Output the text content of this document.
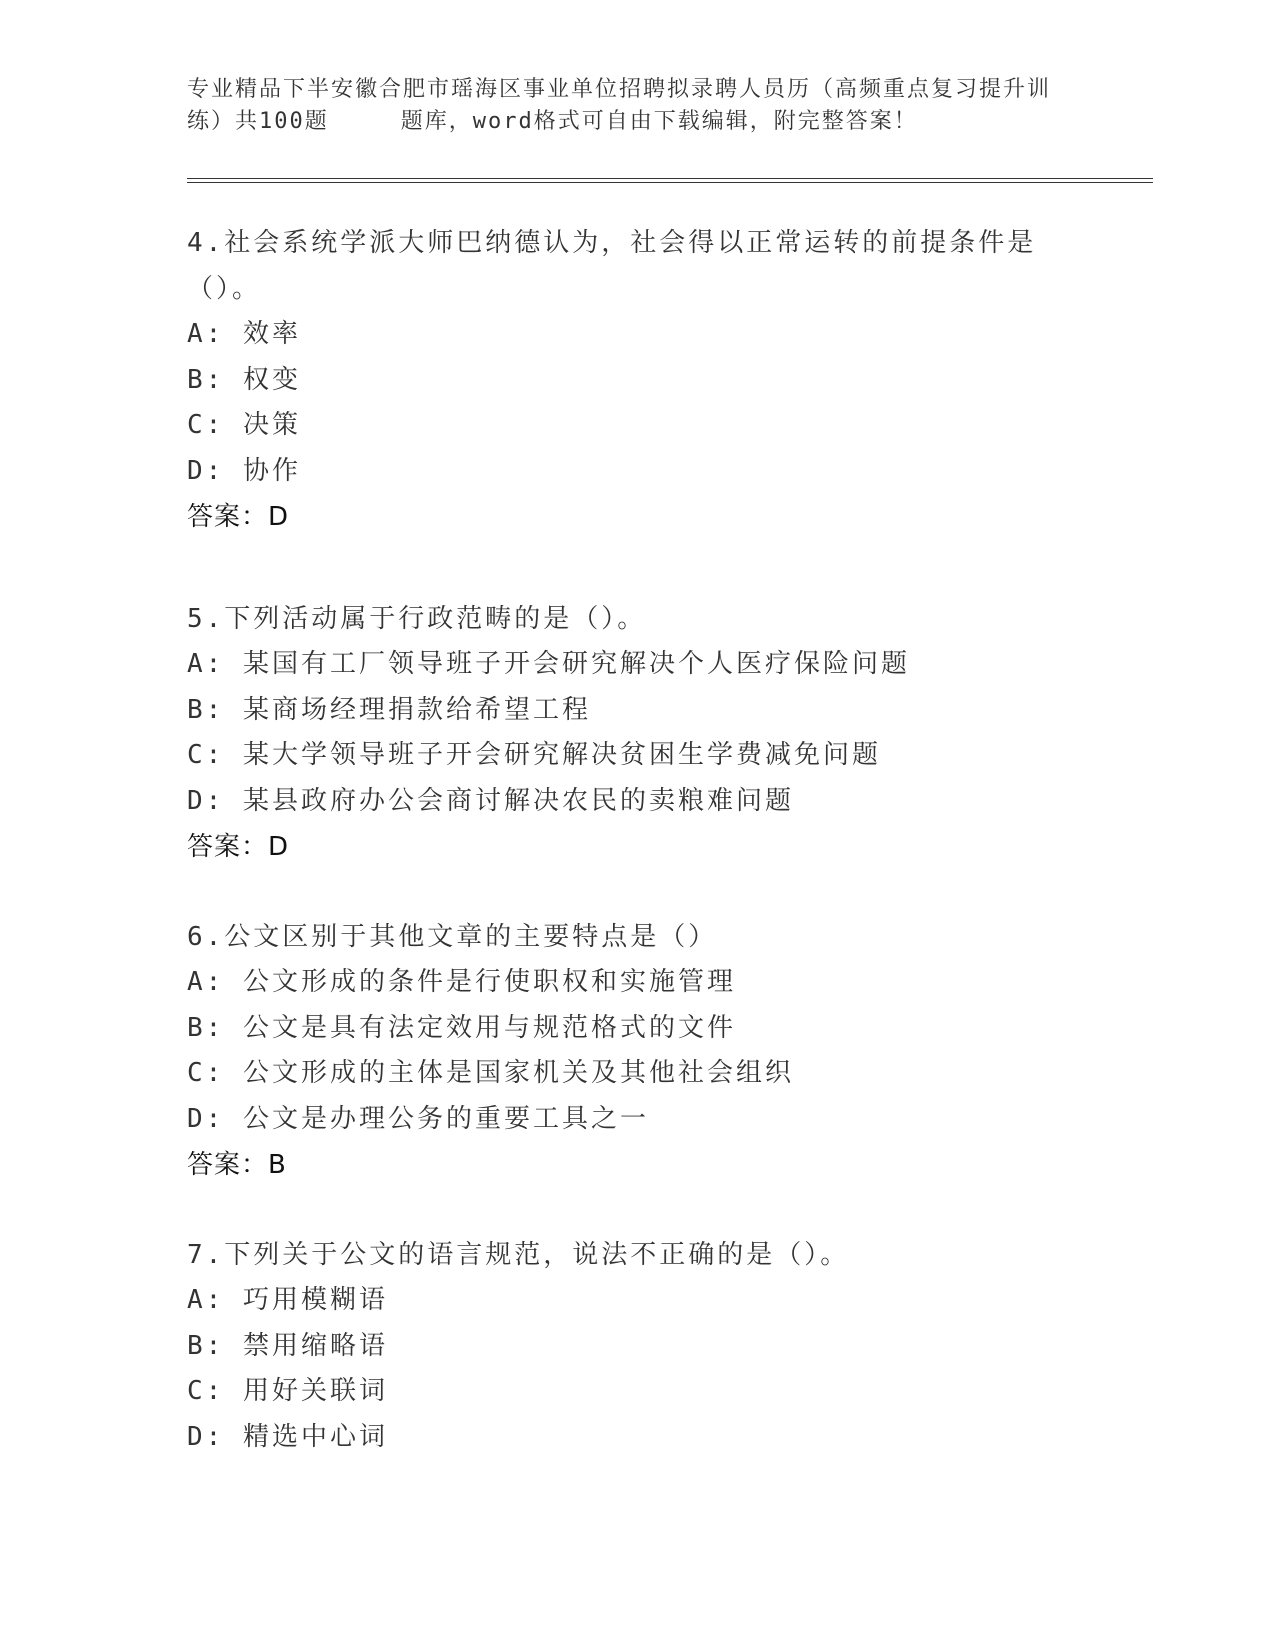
专业精品下半安徽合肥市瑶海区事业单位招聘拟录聘人员历（高频重点复习提升训
练）共100题	题库，word格式可自由下载编辑，附完整答案！
4.社会系统学派大师巴纳德认为，社会得以正常运转的前提条件是（）。
A: 效率
B: 权变
C: 决策
D: 协作
答案：D
5.下列活动属于行政范畴的是（）。
A: 某国有工厂领导班子开会研究解决个人医疗保险问题
B: 某商场经理捐款给希望工程
C: 某大学领导班子开会研究解决贫困生学费减免问题
D: 某县政府办公会商讨解决农民的卖粮难问题
答案：D
6.公文区别于其他文章的主要特点是（）
A: 公文形成的条件是行使职权和实施管理
B: 公文是具有法定效用与规范格式的文件
C: 公文形成的主体是国家机关及其他社会组织
D: 公文是办理公务的重要工具之一
答案：B
7.下列关于公文的语言规范，说法不正确的是（）。
A: 巧用模糊语
B: 禁用缩略语
C: 用好关联词
D: 精选中心词
